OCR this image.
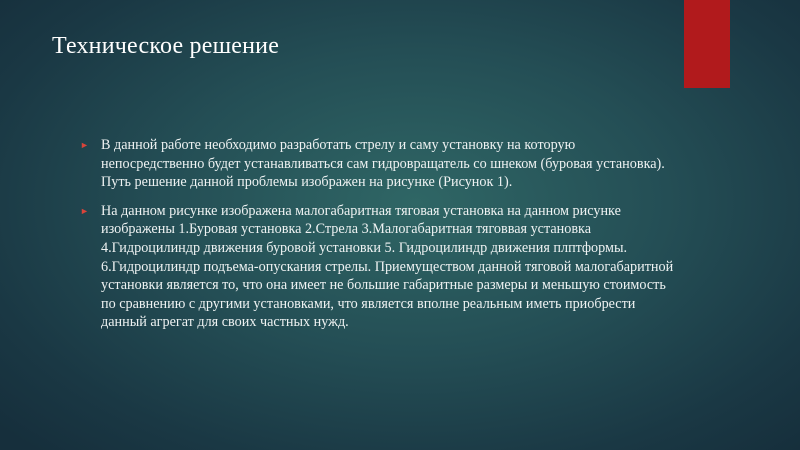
Техническое решение
► В данной работе необходимо разработать стрелу и саму установку на которую непосредственно будет устанавливаться сам гидровращатель со шнеком (буровая установка). Путь решение данной проблемы изображен на рисунке (Рисунок 1).
► На данном рисунке изображена малогабаритная тяговая установка на данном рисунке изображены 1.Буровая установка 2.Стрела 3.Малогабаритная тяговвая установка 4.Гидроцилиндр движения буровой установки 5. Гидроцилиндр движения плптформы. 6.Гидроцилиндр подъема-опускания стрелы. Приемуществом данной тяговой малогабаритной установки является то, что она имеет не большие габаритные размеры и меньшую стоимость по сравнению с другими установками, что является вполне реальным иметь приобрести данный агрегат для своих частных нужд.
